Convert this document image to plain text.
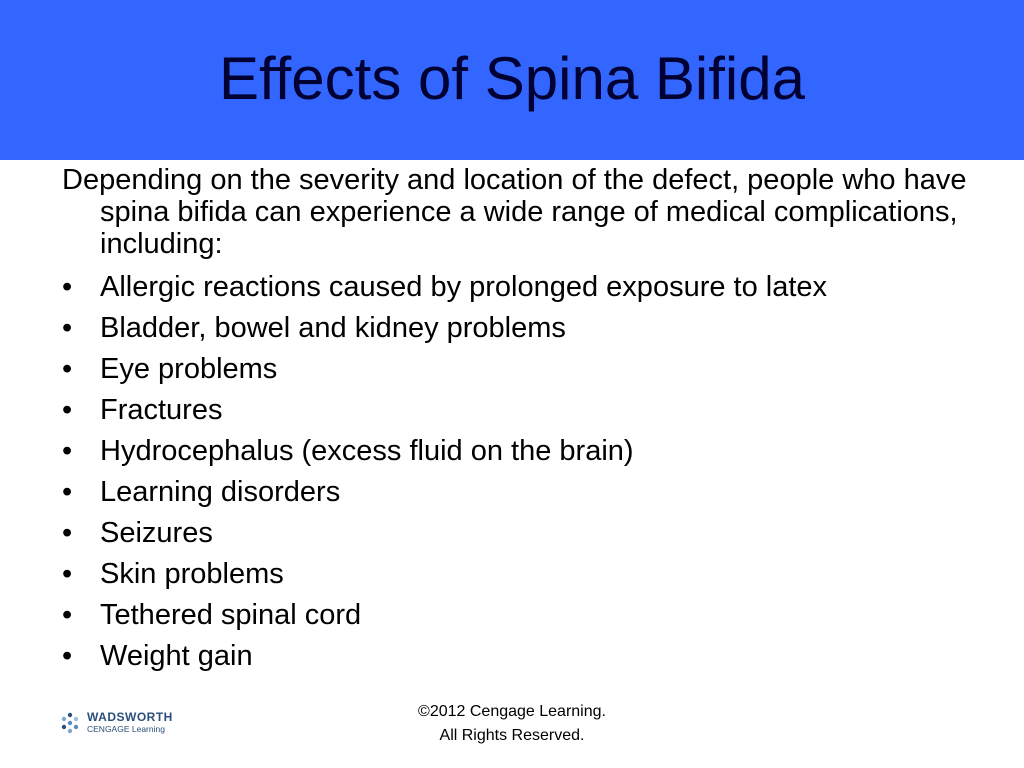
Effects of Spina Bifida

Depending on the severity and location of the defect, people who have spina bifida can experience a wide range of medical complications, including:

• Allergic reactions caused by prolonged exposure to latex
• Bladder, bowel and kidney problems
• Eye problems
• Fractures
• Hydrocephalus (excess fluid on the brain)
• Learning disorders
• Seizures
• Skin problems
• Tethered spinal cord
• Weight gain
WADSWORTH
CENGAGE Learning
©2012 Cengage Learning.
All Rights Reserved.
